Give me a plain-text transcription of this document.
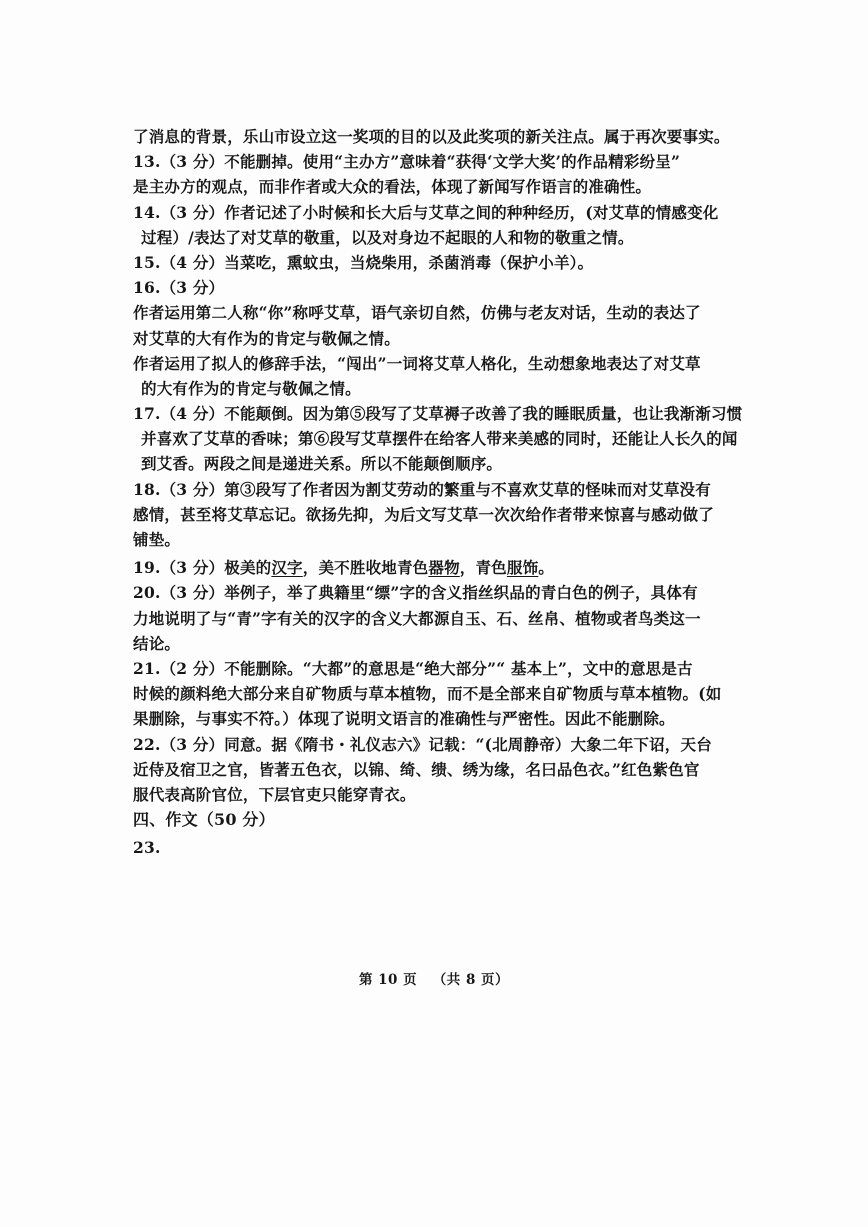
了消息的背景，乐山市设立这一奖项的目的以及此奖项的新关注点。属于再次要事实。
13.（3 分）不能删掉。使用“主办方”意味着“获得‘文学大奖’的作品精彩纷呈”
是主办方的观点，而非作者或大众的看法，体现了新闻写作语言的准确性。
14.（3 分）作者记述了小时候和长大后与艾草之间的种种经历，(对艾草的情感变化
过程）/表达了对艾草的敬重，以及对身边不起眼的人和物的敬重之情。
15.（4 分）当菜吃，熏蚊虫，当烧柴用，杀菌消毒（保护小羊）。
16.（3 分）
作者运用第二人称“你”称呼艾草，语气亲切自然，仿佛与老友对话，生动的表达了
对艾草的大有作为的肯定与敬佩之情。
作者运用了拟人的修辞手法，“闯出”一词将艾草人格化，生动想象地表达了对艾草
的大有作为的肯定与敬佩之情。
17.（4 分）不能颠倒。因为第⑤段写了艾草褥子改善了我的睡眠质量，也让我渐渐习惯
并喜欢了艾草的香味；第⑥段写艾草摆件在给客人带来美感的同时，还能让人长久的闻
到艾香。两段之间是递进关系。所以不能颠倒顺序。
18.（3 分）第③段写了作者因为割艾劳动的繁重与不喜欢艾草的怪味而对艾草没有
感情，甚至将艾草忘记。欲扬先抑，为后文写艾草一次次给作者带来惊喜与感动做了
铺垫。
19.（3 分）极美的汉字，美不胜收地青色器物，青色服饰。
20.（3 分）举例子，举了典籍里“缥”字的含义指丝织品的青白色的例子，具体有
力地说明了与“青”字有关的汉字的含义大都源自玉、石、丝帛、植物或者鸟类这一
结论。
21.（2 分）不能删除。“大都”的意思是“绝大部分”“ 基本上”，文中的意思是古
时候的颜料绝大部分来自矿物质与草本植物，而不是全部来自矿物质与草本植物。(如
果删除，与事实不符。）体现了说明文语言的准确性与严密性。因此不能删除。
22.（3 分）同意。据《隋书・礼仪志六》记载：“(北周静帝）大象二年下诏，天台
近侍及宿卫之官，皆著五色衣，以锦、绮、缋、绣为缘，名曰品色衣。”红色紫色官
服代表高阶官位，下层官吏只能穿青衣。
四、作文（50 分）
23.
第 10 页 （共 8 页）
